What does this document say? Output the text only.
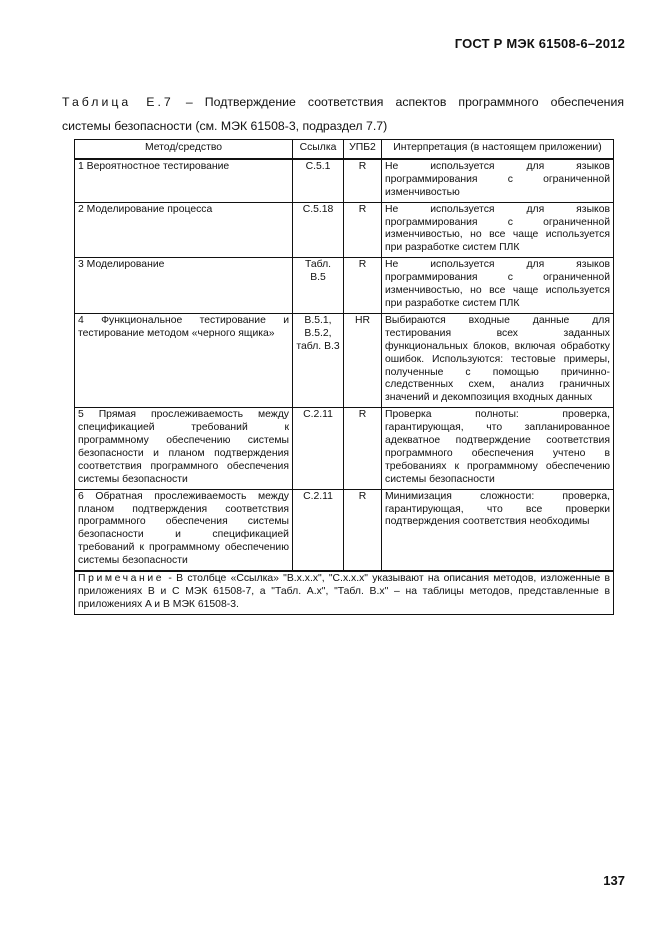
ГОСТ Р МЭК 61508-6–2012
Таблица Е.7 – Подтверждение соответствия аспектов программного обеспечения
системы безопасности (см. МЭК 61508-3, подраздел 7.7)
Метод/средство	Ссылка	УПБ2	Интерпретация (в настоящем приложении)
1 Вероятностное тестирование	C.5.1	R	Не используется для языков программирования с ограниченной изменчивостью
2 Моделирование процесса	C.5.18	R	Не используется для языков программирования с ограниченной изменчивостью, но все чаще используется при разработке систем ПЛК
3 Моделирование	Табл. B.5	R	Не используется для языков программирования с ограниченной изменчивостью, но все чаще используется при разработке систем ПЛК
4 Функциональное тестирование и тестирование методом «черного ящика»	B.5.1, B.5.2, табл. B.3	HR	Выбираются входные данные для тестирования всех заданных функциональных блоков, включая обработку ошибок. Используются: тестовые примеры, полученные с помощью причинно-следственных схем, анализ граничных значений и декомпозиция входных данных
5 Прямая прослеживаемость между спецификацией требований к программному обеспечению системы безопасности и планом подтверждения соответствия программного обеспечения системы безопасности	C.2.11	R	Проверка полноты: проверка, гарантирующая, что запланированное адекватное подтверждение соответствия программного обеспечения учтено в требованиях к программному обеспечению системы безопасности
6 Обратная прослеживаемость между планом подтверждения соответствия программного обеспечения системы безопасности и спецификацией требований к программному обеспечению системы безопасности	C.2.11	R	Минимизация сложности: проверка, гарантирующая, что все проверки подтверждения соответствия необходимы
Примечание - В столбце «Ссылка» "B.x.x.x", "C.x.x.x" указывают на описания методов, изложенные в приложениях B и C МЭК 61508-7, а "Табл. A.x", "Табл. B.x" – на таблицы методов, представленные в приложениях A и B МЭК 61508-3.			
137
